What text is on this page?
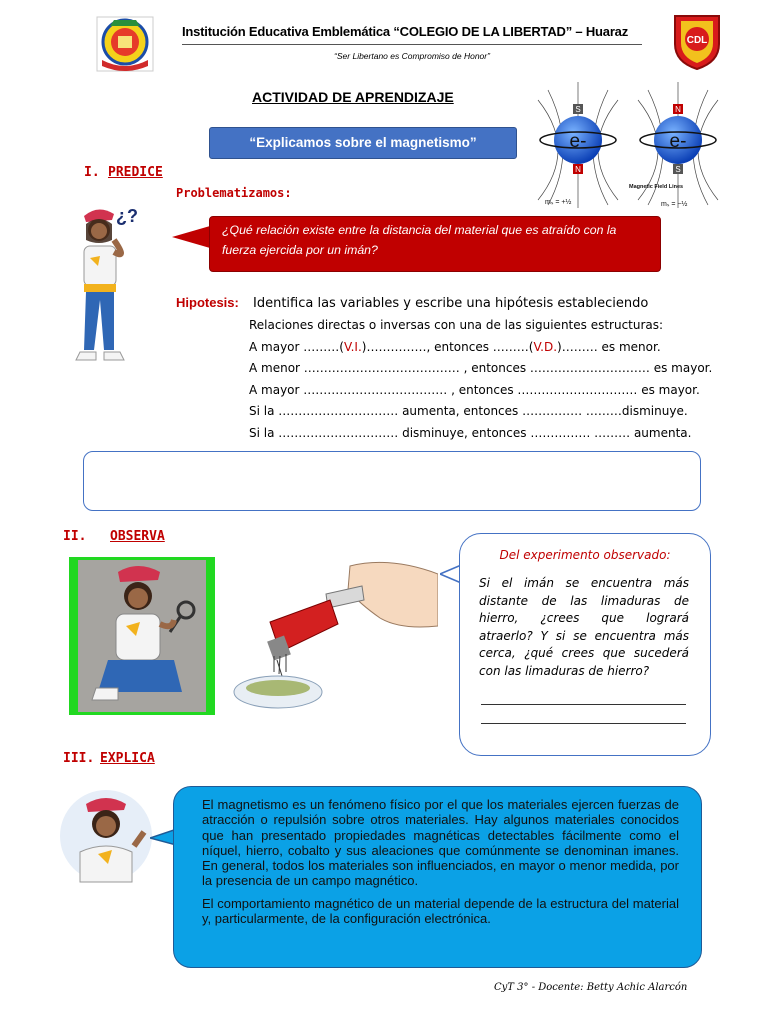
Institución Educativa Emblemática “COLEGIO DE LA LIBERTAD” – Huaraz
“Ser Libertano es Compromiso de Honor”
CDL
ACTIVIDAD DE APRENDIZAJE
“Explicamos sobre el magnetismo”
S	N
e-	e-
N	S
Magnetic Field Lines
mₛ = +½	mₛ = −½
I. PREDICE
Problematizamos:
¿?
¿Qué relación existe entre la distancia del material que es atraído con la fuerza ejercida por un imán?
Hipotesis: Identifica las variables y escribe una hipótesis estableciendo
Relaciones directas o inversas con una de las siguientes estructuras:
A mayor ………(V.I.)……………, entonces ………(V.D.)……… es menor.
A menor ………………………………… , entonces ………………………… es mayor.
A mayor ……………………………… , entonces ………………………… es mayor.
Si la ………………………… aumenta, entonces …………… ………disminuye.
Si la ………………………… disminuye, entonces …………… ……… aumenta.
II. OBSERVA
Del experimento observado:
Si el imán se encuentra más distante de las limaduras de hierro, ¿crees que logrará atraerlo? Y si se encuentra más cerca, ¿qué crees que sucederá con las limaduras de hierro?
III. EXPLICA

El magnetismo es un fenómeno físico por el que los materiales ejercen fuerzas de atracción o repulsión sobre otros materiales. Hay algunos materiales conocidos que han presentado propiedades magnéticas detectables fácilmente como el níquel, hierro, cobalto y sus aleaciones que comúnmente se denominan imanes. En general, todos los materiales son influenciados, en mayor o menor medida, por la presencia de un campo magnético.

El comportamiento magnético de un material depende de la estructura del material y, particularmente, de la configuración electrónica.

CyT 3° - Docente: Betty Achic Alarcón
